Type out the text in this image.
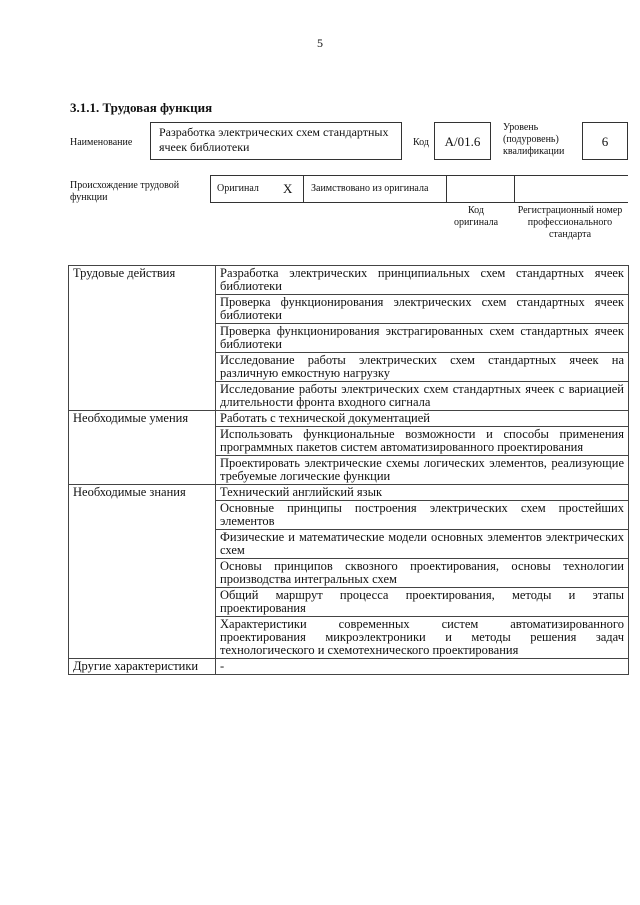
5
3.1.1. Трудовая функция
Наименование
Разработка электрических схем стандартных ячеек библиотеки	Код	А/01.6
Уровень (подуровень) квалификации
6
Происхождение трудовой функции
Оригинал X Заимствовано из оригинала
Код оригинала
Регистрационный номер профессионального стандарта
Трудовые действия	Разработка электрических принципиальных схем стандартных ячеек библиотеки
	Проверка функционирования электрических схем стандартных ячеек библиотеки
	Проверка функционирования экстрагированных схем стандартных ячеек библиотеки
	Исследование работы электрических схем стандартных ячеек на различную емкостную нагрузку
	Исследование работы электрических схем стандартных ячеек с вариацией длительности фронта входного сигнала
Необходимые умения	Работать с технической документацией
	Использовать функциональные возможности и способы применения программных пакетов систем автоматизированного проектирования
	Проектировать электрические схемы логических элементов, реализующие требуемые логические функции
Необходимые знания	Технический английский язык
	Основные принципы построения электрических схем простейших элементов
	Физические и математические модели основных элементов электрических схем
	Основы принципов сквозного проектирования, основы технологии производства интегральных схем
	Общий маршрут процесса проектирования, методы и этапы проектирования
	Характеристики современных систем автоматизированного проектирования микроэлектроники и методы решения задач технологического и схемотехнического проектирования
Другие характеристики	-
